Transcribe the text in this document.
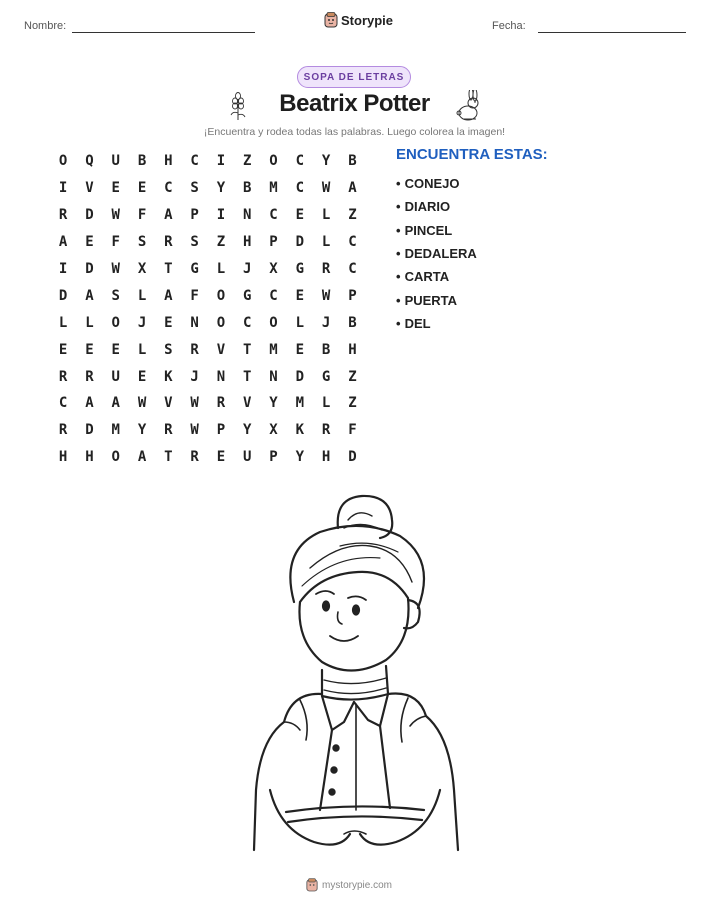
Nombre:	Storypie	Fecha:
SOPA DE LETRAS
Beatrix Potter
¡Encuentra y rodea todas las palabras. Luego colorea la imagen!
O	Q	U	B	H	C	I	Z	O	C	Y	B
I	V	E	E	C	S	Y	B	M	C	W	A
R	D	W	F	A	P	I	N	C	E	L	Z
A	E	F	S	R	S	Z	H	P	D	L	C
I	D	W	X	T	G	L	J	X	G	R	C
D	A	S	L	A	F	O	G	C	E	W	P
L	L	O	J	E	N	O	C	O	L	J	B
E	E	E	L	S	R	V	T	M	E	B	H
R	R	U	E	K	J	N	T	N	D	G	Z
C	A	A	W	V	W	R	V	Y	M	L	Z
R	D	M	Y	R	W	P	Y	X	K	R	F
H	H	O	A	T	R	E	U	P	Y	H	D
ENCUENTRA ESTAS:
• CONEJO
• DIARIO
• PINCEL
• DEDALERA
• CARTA
• PUERTA
• DEL
mystorypie.com
